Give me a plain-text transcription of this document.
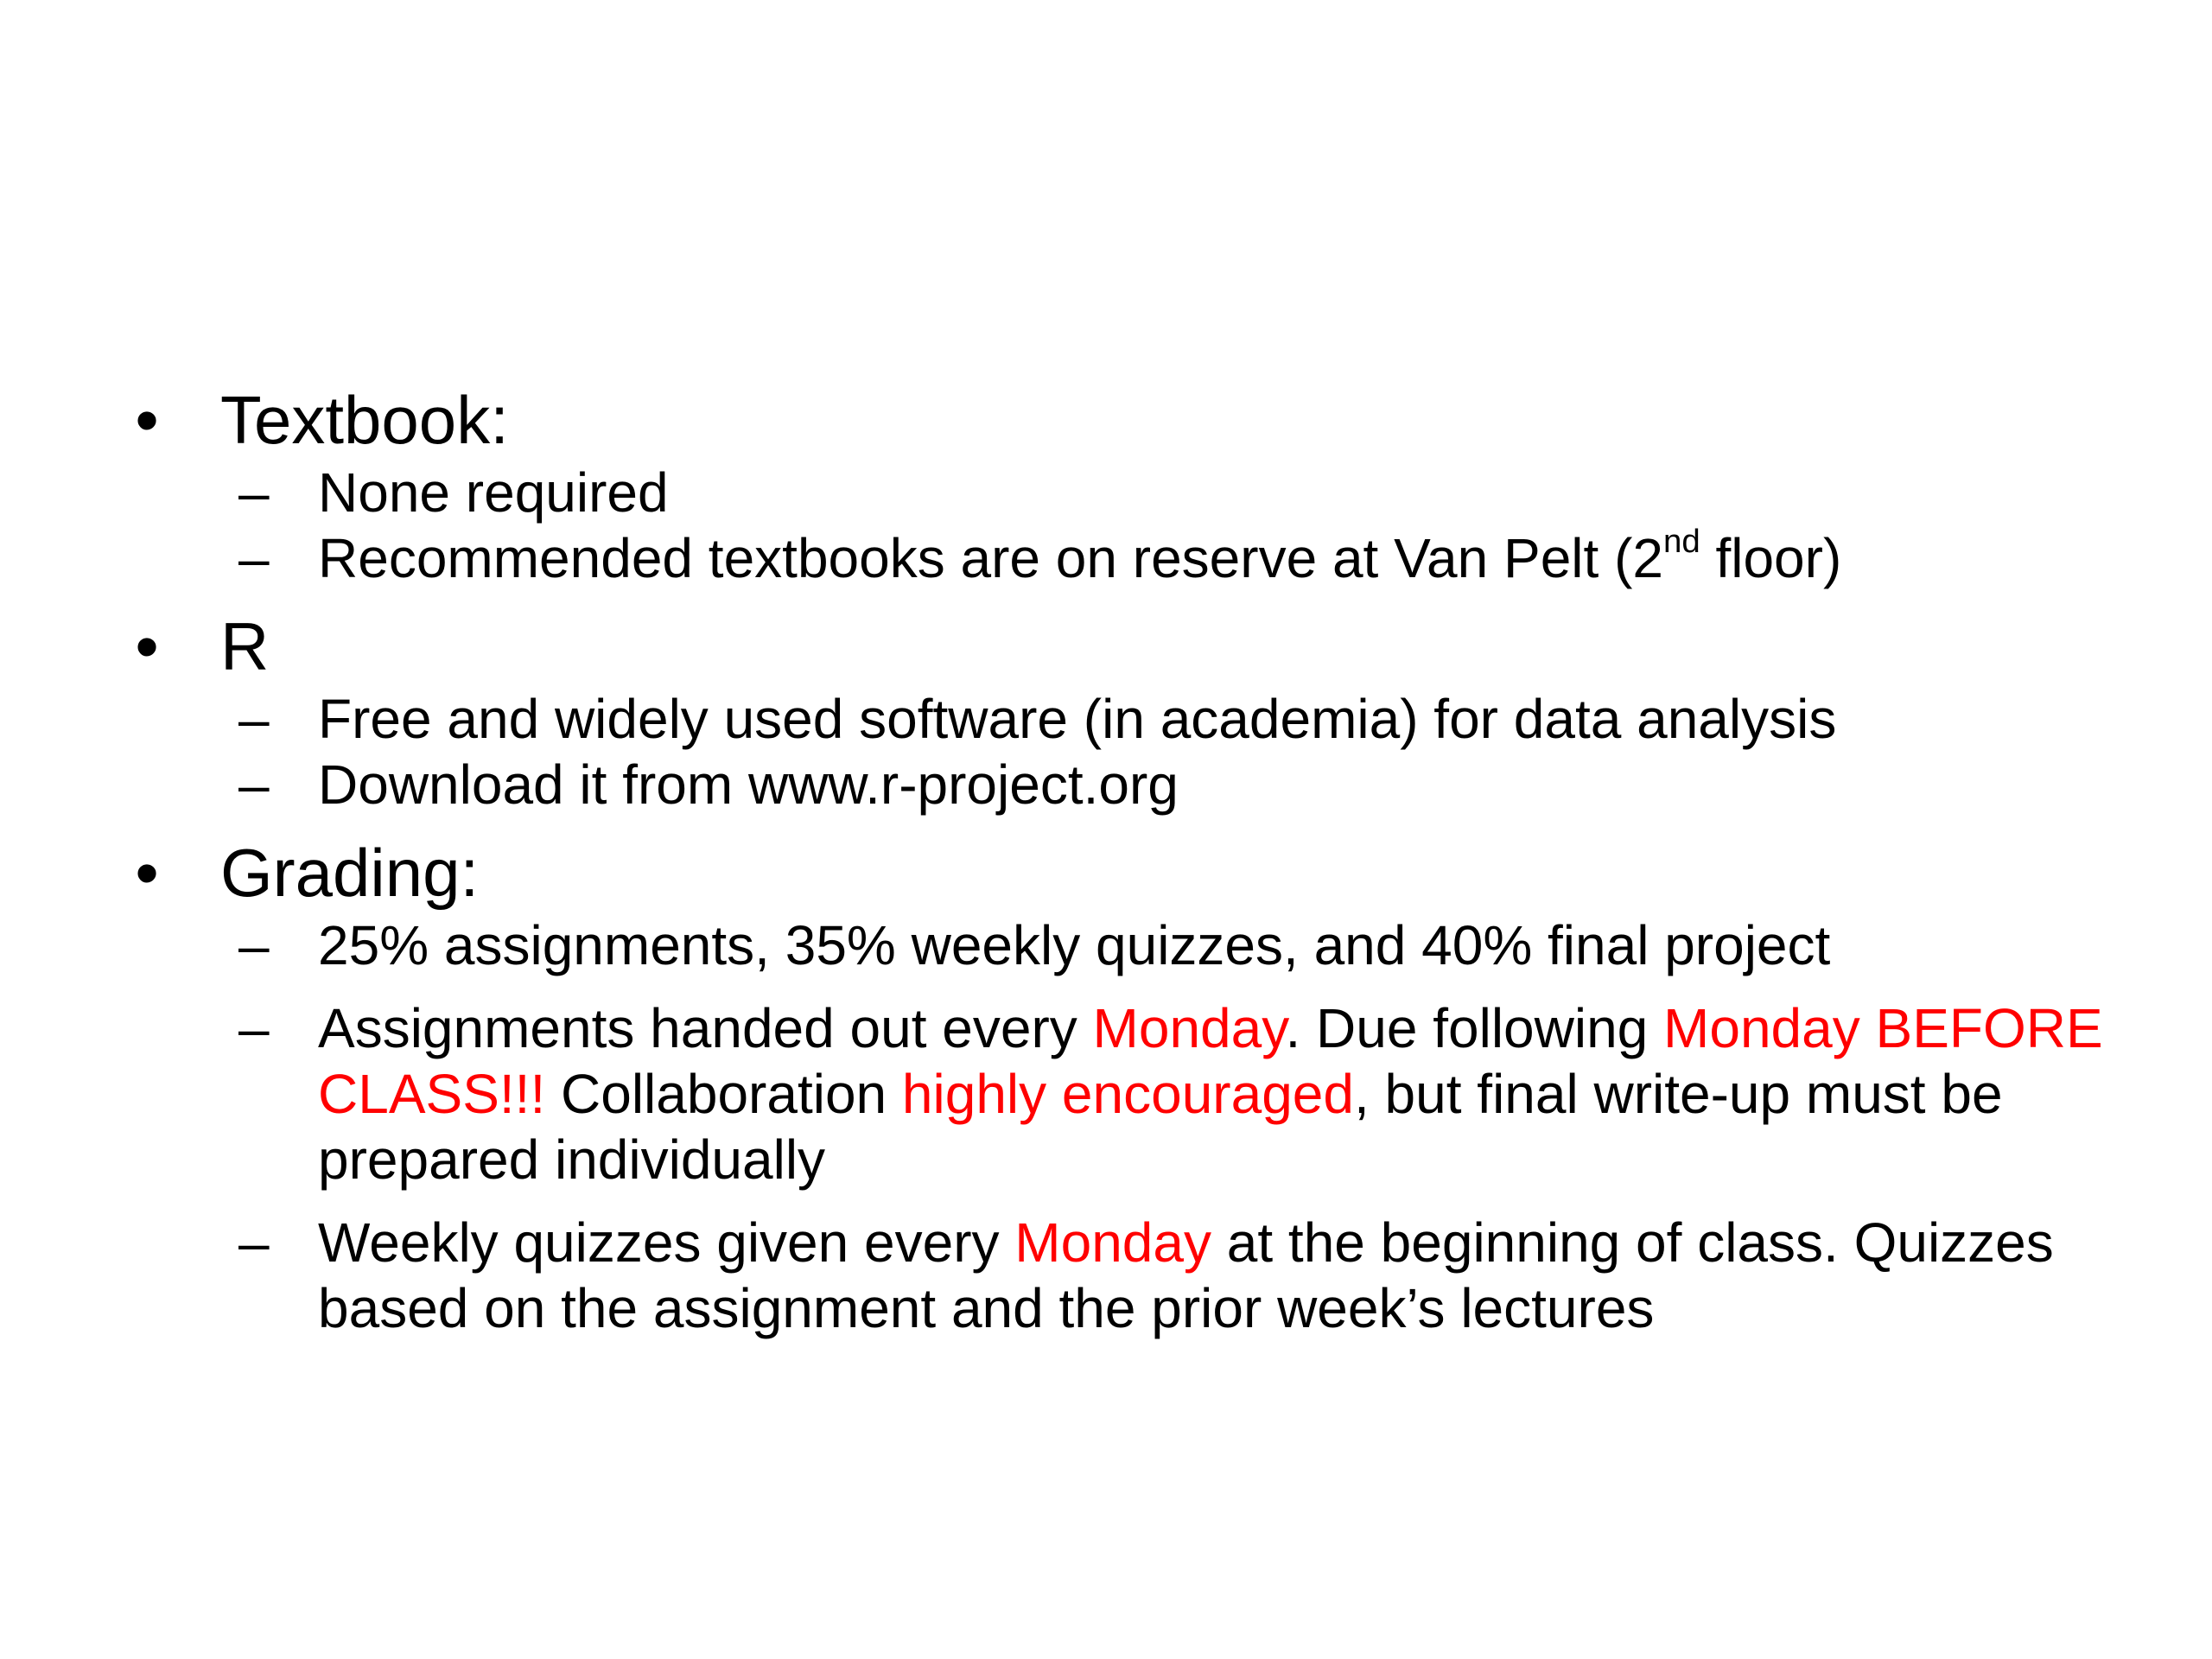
• Textbook:

– None required

– Recommended textbooks are on reserve at Van Pelt (2nd floor)

• R

– Free and widely used software (in academia) for data analysis

– Download it from www.r-project.org

• Grading:

– 25% assignments, 35% weekly quizzes, and 40% final project

– Assignments handed out every Monday. Due following Monday BEFORE CLASS!!! Collaboration highly encouraged, but final write-up must be prepared individually

– Weekly quizzes given every Monday at the beginning of class. Quizzes based on the assignment and the prior week’s lectures
